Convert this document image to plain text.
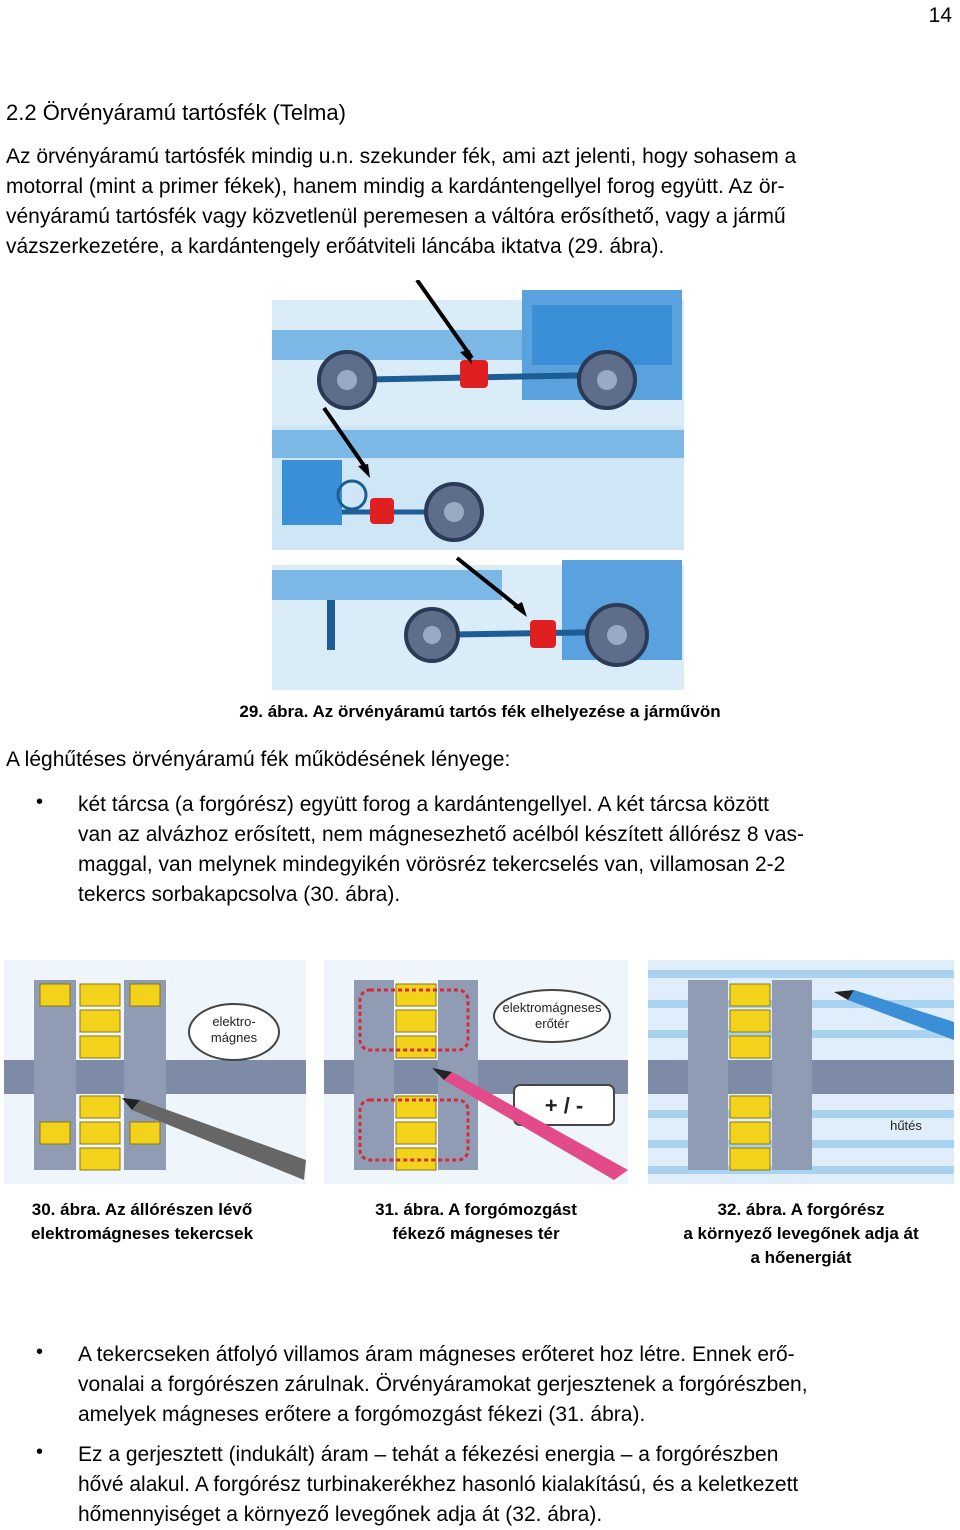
14
2.2 Örvényáramú tartósfék (Telma)
Az örvényáramú tartósfék mindig u.n. szekunder fék, ami azt jelenti, hogy sohasem a
motorral (mint a primer fékek), hanem mindig a kardántengellyel forog együtt. Az ör-
vényáramú tartósfék vagy közvetlenül peremesen a váltóra erősíthető, vagy a jármű
vázszerkezetére, a kardántengely erőátviteli láncába iktatva (29. ábra).
29. ábra. Az örvényáramú tartós fék elhelyezése a járművön
A léghűtéses örvényáramú fék működésének lényege:
• két tárcsa (a forgórész) együtt forog a kardántengellyel. A két tárcsa között
van az alvázhoz erősített, nem mágnesezhető acélból készített állórész 8 vas-
maggal, van melynek mindegyikén vörösréz tekercselés van, villamosan 2-2
tekercs sorbakapcsolva (30. ábra).
elektro-
mágnes
elektromágneses
erőtér
+ / -
hűtés
30. ábra. Az állórészen lévő
elektromágneses tekercsek
31. ábra. A forgómozgást
fékező mágneses tér
32. ábra. A forgórész
a környező levegőnek adja át
a hőenergiát
• A tekercseken átfolyó villamos áram mágneses erőteret hoz létre. Ennek erő-
vonalai a forgórészen zárulnak. Örvényáramokat gerjesztenek a forgórészben,
amelyek mágneses erőtere a forgómozgást fékezi (31. ábra).
• Ez a gerjesztett (indukált) áram – tehát a fékezési energia – a forgórészben
hővé alakul. A forgórész turbinakerékhez hasonló kialakítású, és a keletkezett
hőmennyiséget a környező levegőnek adja át (32. ábra).
